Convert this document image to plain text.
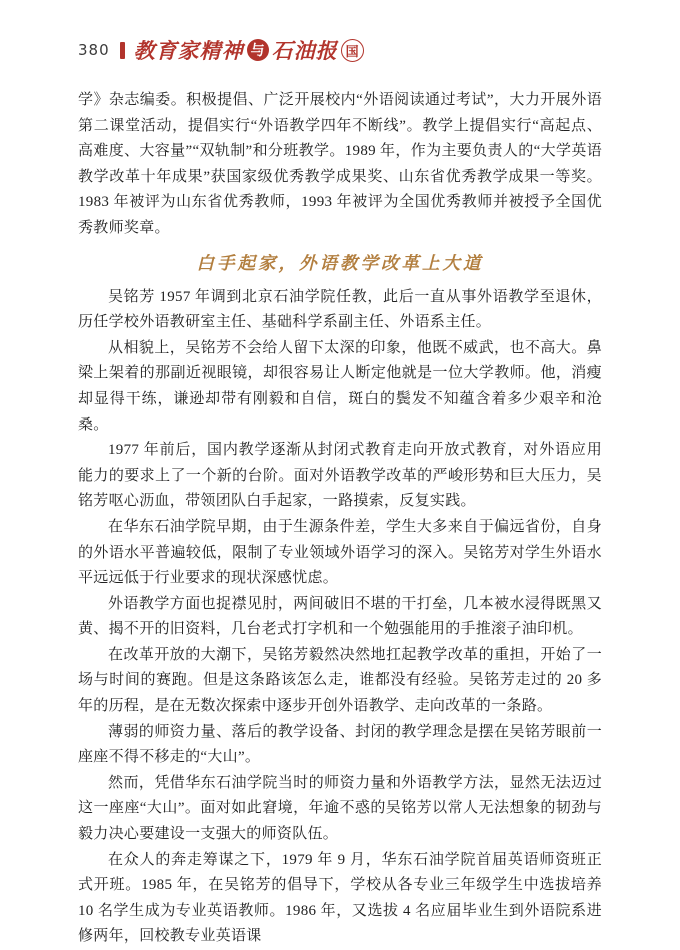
380 教育家精神 与 石油报 国

学》杂志编委。积极提倡、广泛开展校内“外语阅读通过考试”，大力开展外语第二课堂活动，提倡实行“外语教学四年不断线”。教学上提倡实行“高起点、高难度、大容量”“双轨制”和分班教学。1989 年，作为主要负责人的“大学英语教学改革十年成果”获国家级优秀教学成果奖、山东省优秀教学成果一等奖。1983 年被评为山东省优秀教师，1993 年被评为全国优秀教师并被授予全国优秀教师奖章。

白手起家，外语教学改革上大道

吴铭芳 1957 年调到北京石油学院任教，此后一直从事外语教学至退休，历任学校外语教研室主任、基础科学系副主任、外语系主任。

从相貌上，吴铭芳不会给人留下太深的印象，他既不威武，也不高大。鼻梁上架着的那副近视眼镜，却很容易让人断定他就是一位大学教师。他，消瘦却显得干练，谦逊却带有刚毅和自信，斑白的鬓发不知蕴含着多少艰辛和沧桑。

1977 年前后，国内教学逐渐从封闭式教育走向开放式教育，对外语应用能力的要求上了一个新的台阶。面对外语教学改革的严峻形势和巨大压力，吴铭芳呕心沥血，带领团队白手起家，一路摸索，反复实践。

在华东石油学院早期，由于生源条件差，学生大多来自于偏远省份，自身的外语水平普遍较低，限制了专业领域外语学习的深入。吴铭芳对学生外语水平远远低于行业要求的现状深感忧虑。

外语教学方面也捉襟见肘，两间破旧不堪的干打垒，几本被水浸得既黑又黄、揭不开的旧资料，几台老式打字机和一个勉强能用的手推滚子油印机。

在改革开放的大潮下，吴铭芳毅然决然地扛起教学改革的重担，开始了一场与时间的赛跑。但是这条路该怎么走，谁都没有经验。吴铭芳走过的 20 多年的历程，是在无数次探索中逐步开创外语教学、走向改革的一条路。

薄弱的师资力量、落后的教学设备、封闭的教学理念是摆在吴铭芳眼前一座座不得不移走的“大山”。

然而，凭借华东石油学院当时的师资力量和外语教学方法，显然无法迈过这一座座“大山”。面对如此窘境，年逾不惑的吴铭芳以常人无法想象的韧劲与毅力决心要建设一支强大的师资队伍。

在众人的奔走筹谋之下，1979 年 9 月，华东石油学院首届英语师资班正式开班。1985 年，在吴铭芳的倡导下，学校从各专业三年级学生中选拔培养 10 名学生成为专业英语教师。1986 年，又选拔 4 名应届毕业生到外语院系进修两年，回校教专业英语课
